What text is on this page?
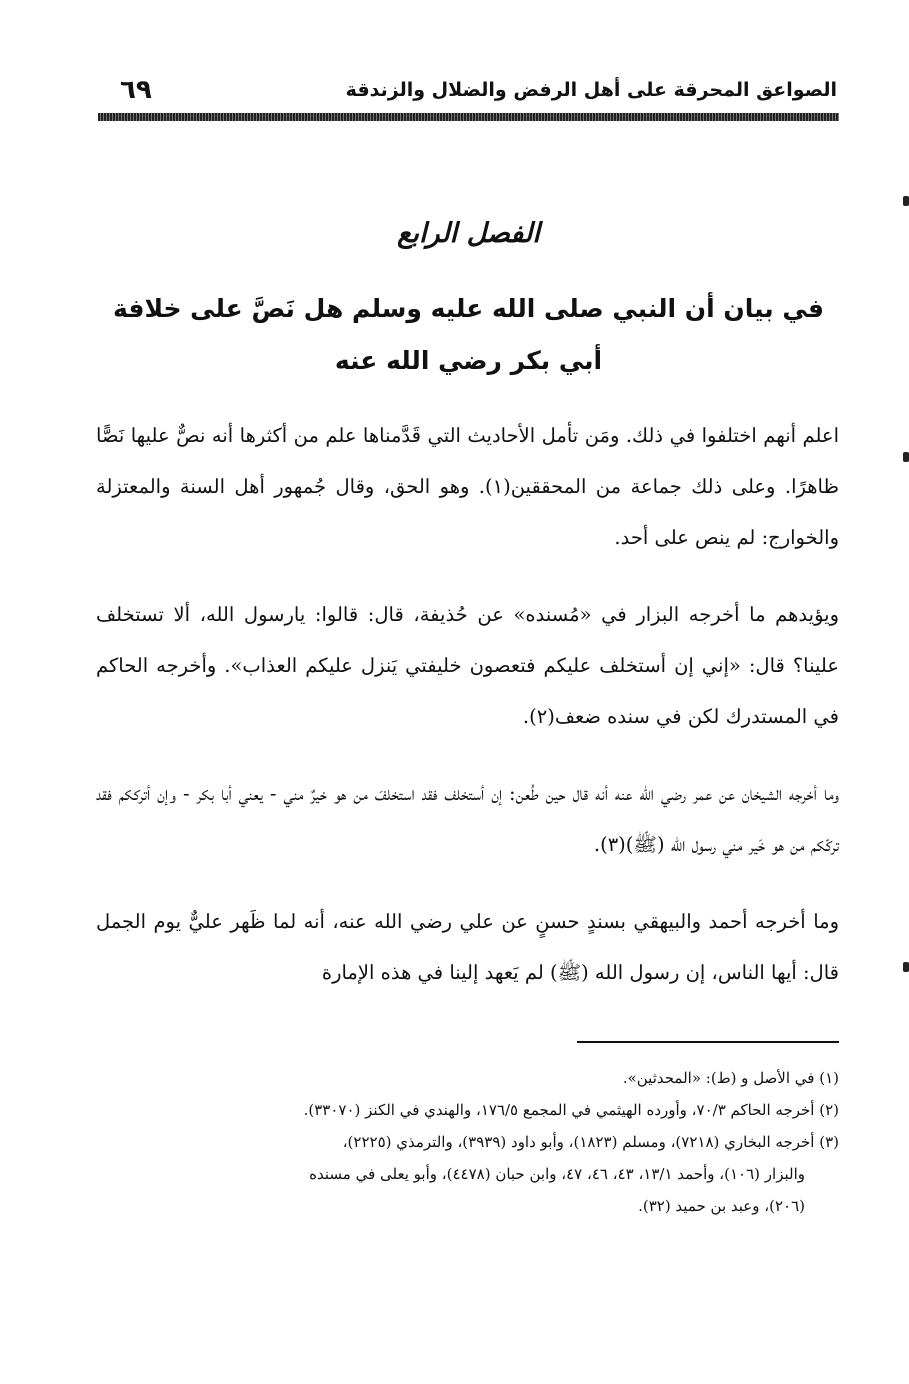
الصواعق المحرقة على أهل الرفض والضلال والزندقة
٦٩
الفصل الرابع
في بيان أن النبي صلى الله عليه وسلم هل نَصَّ على خلافة
أبي بكر رضي الله عنه

اعلم أنهم اختلفوا في ذلك. ومَن تأمل الأحاديث التي قَدَّمناها علم من أكثرها أنه نصٌّ عليها نَصًّا ظاهرًا. وعلى ذلك جماعة من المحققين(١). وهو الحق، وقال جُمهور أهل السنة والمعتزلة والخوارج: لم ينص على أحد.

ويؤيدهم ما أخرجه البزار في «مُسنده» عن حُذيفة، قال: قالوا: يارسول الله، ألا تستخلف علينا؟ قال: «إني إن أستخلف عليكم فتعصون خليفتي يَنزل عليكم العذاب». وأخرجه الحاكم في المستدرك لكن في سنده ضعف(٢).

وما أخرجه الشيخان عن عمر رضي الله عنه أنه قال حين طُعن: إن أستخلف فقد استخلفَ من هو خيرٌ مني - يعني أبا بكر - وإن أترككم فقد تركّكم من هو خَير مني رسول الله (ﷺ)(٣).

وما أخرجه أحمد والبيهقي بسندٍ حسنٍ عن علي رضي الله عنه، أنه لما ظَهر عليٌّ يوم الجمل قال: أيها الناس، إن رسول الله (ﷺ) لم يَعهد إلينا في هذه الإمارة

(١) في الأصل و (ط): «المحدثين».

(٢) أخرجه الحاكم ٧٠/٣، وأورده الهيثمي في المجمع ١٧٦/٥، والهندي في الكنز (٣٣٠٧٠).

(٣) أخرجه البخاري (٧٢١٨)، ومسلم (١٨٢٣)، وأبو داود (٣٩٣٩)، والترمذي (٢٢٢٥)،

والبزار (١٠٦)، وأحمد ١٣/١، ٤٣، ٤٦، ٤٧، وابن حبان (٤٤٧٨)، وأبو يعلى في مسنده

(٢٠٦)، وعبد بن حميد (٣٢).
